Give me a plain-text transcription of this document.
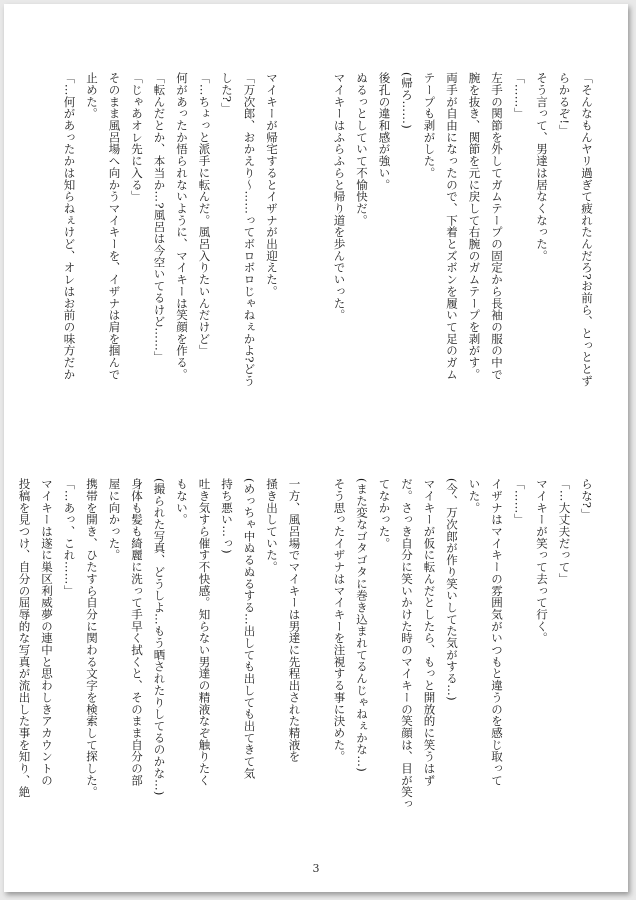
「そんなもんヤリ過ぎて疲れたんだろ?お前ら、とっととず

らかるぞ!」

そう言って、男達は居なくなった。

「……」

左手の関節を外してガムテープの固定から長袖の服の中で

腕を抜き、関節を元に戻して右腕のガムテープを剥がす。

両手が自由になったので、下着とズボンを履いて足のガム

テープも剥がした。

(帰ろ……)

後孔の違和感が強い。

ぬるっとしていて不愉快だ。

マイキーはふらふらと帰り道を歩んでいった。

マイキーが帰宅するとイザナが出迎えた。

「万次郎、おかえり〜……ってボロボロじゃねぇかよ?どう

した?」

「…ちょっと派手に転んだ。風呂入りたいんだけど」

何があったか悟られないように、マイキーは笑顔を作る。

「転んだとか、本当か…?風呂は今空いてるけど……」

「じゃあオレ先に入る」

そのまま風呂場へ向かうマイキーを、イザナは肩を掴んで

止めた。

「…何があったかは知らねぇけど、オレはお前の味方だか

らな?」

「…大丈夫だって」

マイキーが笑って去って行く。

「……」

イザナはマイキーの雰囲気がいつもと違うのを感じ取って

いた。

(今、万次郎が作り笑いしてた気がする…)

マイキーが仮に転んだとしたら、もっと開放的に笑うはず

だ。さっき自分に笑いかけた時のマイキーの笑顔は、目が笑っ

てなかった。

(また変なゴタゴタに巻き込まれてるんじゃねぇかな…)

そう思ったイザナはマイキーを注視する事に決めた。

一方、風呂場でマイキーは男達に先程出された精液を

掻き出していた。

(めっちゃ中ぬるぬるする…出しても出しても出てきて気

持ち悪い…っ)

吐き気すら催す不快感。知らない男達の精液なぞ触りたく

もない。

(撮られた写真、どうしよ…もう晒されたりしてるのかな…)

身体も髪も綺麗に洗って手早く拭くと、そのまま自分の部

屋に向かった。

携帯を開き、ひたすら自分に関わる文字を検索して探した。

「…あっ、これ……」

マイキーは遂に巣区利威夢の連中と思わしきアカウントの

投稿を見つけ、自分の屈辱的な写真が流出した事を知り、絶

3
